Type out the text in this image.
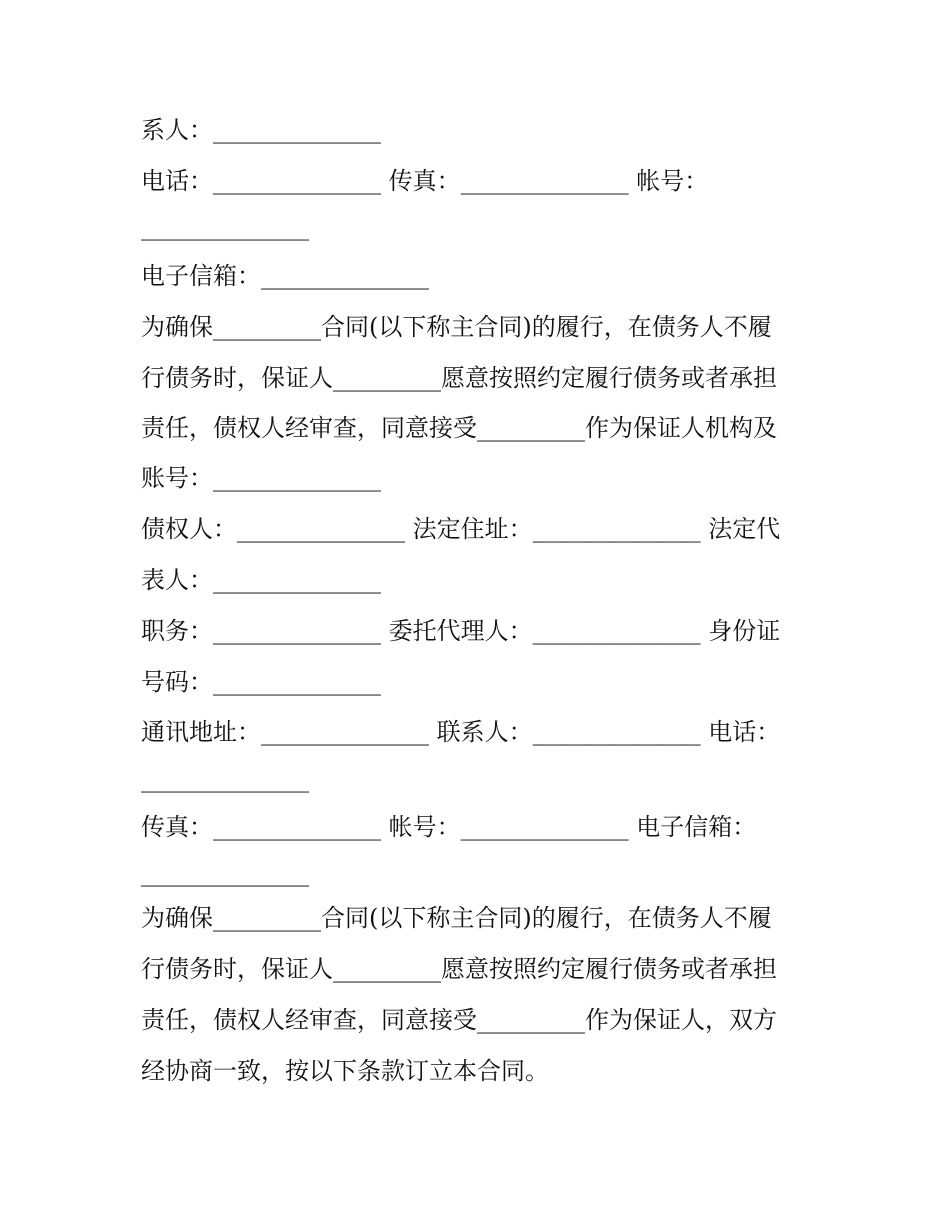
系人：______________

电话：______________ 传真：______________ 帐号：

______________

电子信箱：______________

为确保_________合同(以下称主合同)的履行，在债务人不履

行债务时，保证人_________愿意按照约定履行债务或者承担

责任，债权人经审查，同意接受_________作为保证人机构及

账号：______________

债权人：______________ 法定住址：______________ 法定代

表人：______________

职务：______________ 委托代理人：______________ 身份证

号码：______________

通讯地址：______________ 联系人：______________ 电话：

______________

传真：______________ 帐号：______________ 电子信箱：

______________

为确保_________合同(以下称主合同)的履行，在债务人不履

行债务时，保证人_________愿意按照约定履行债务或者承担

责任，债权人经审查，同意接受_________作为保证人，双方

经协商一致，按以下条款订立本合同。
